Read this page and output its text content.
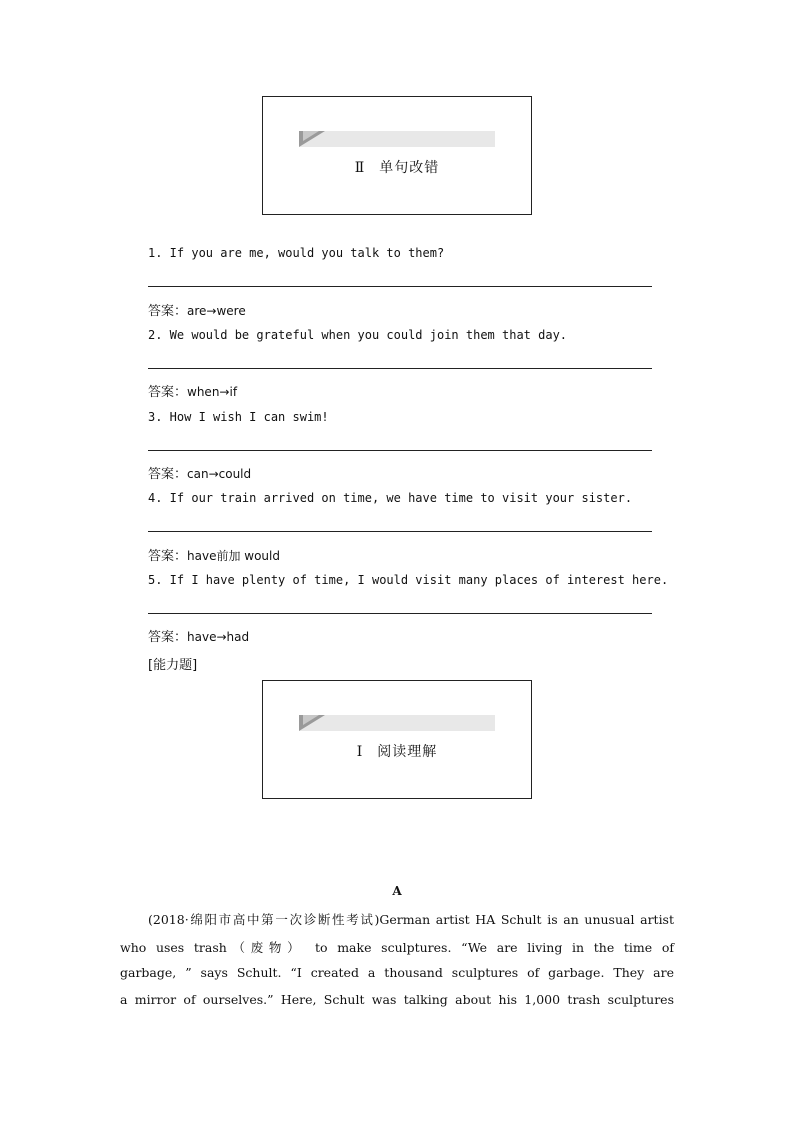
Ⅱ 单句改错
1. If you are me, would you talk to them?
答案：are→were
2. We would be grateful when you could join them that day.
答案：when→if
3. How I wish I can swim!
答案：can→could
4. If our train arrived on time, we have time to visit your sister.
答案：have前加 would
5. If I have plenty of time, I would visit many places of interest here.
答案：have→had
[能力题]
Ⅰ 阅读理解
A
(2018·绵阳市高中第一次诊断性考试)German artist HA Schult is an unusual artist
who uses trash（废物） to make sculptures. “We are living in the time of
garbage, ” says Schult. “I created a thousand sculptures of garbage. They are
a mirror of ourselves.” Here, Schult was talking about his 1,000 trash sculptures
